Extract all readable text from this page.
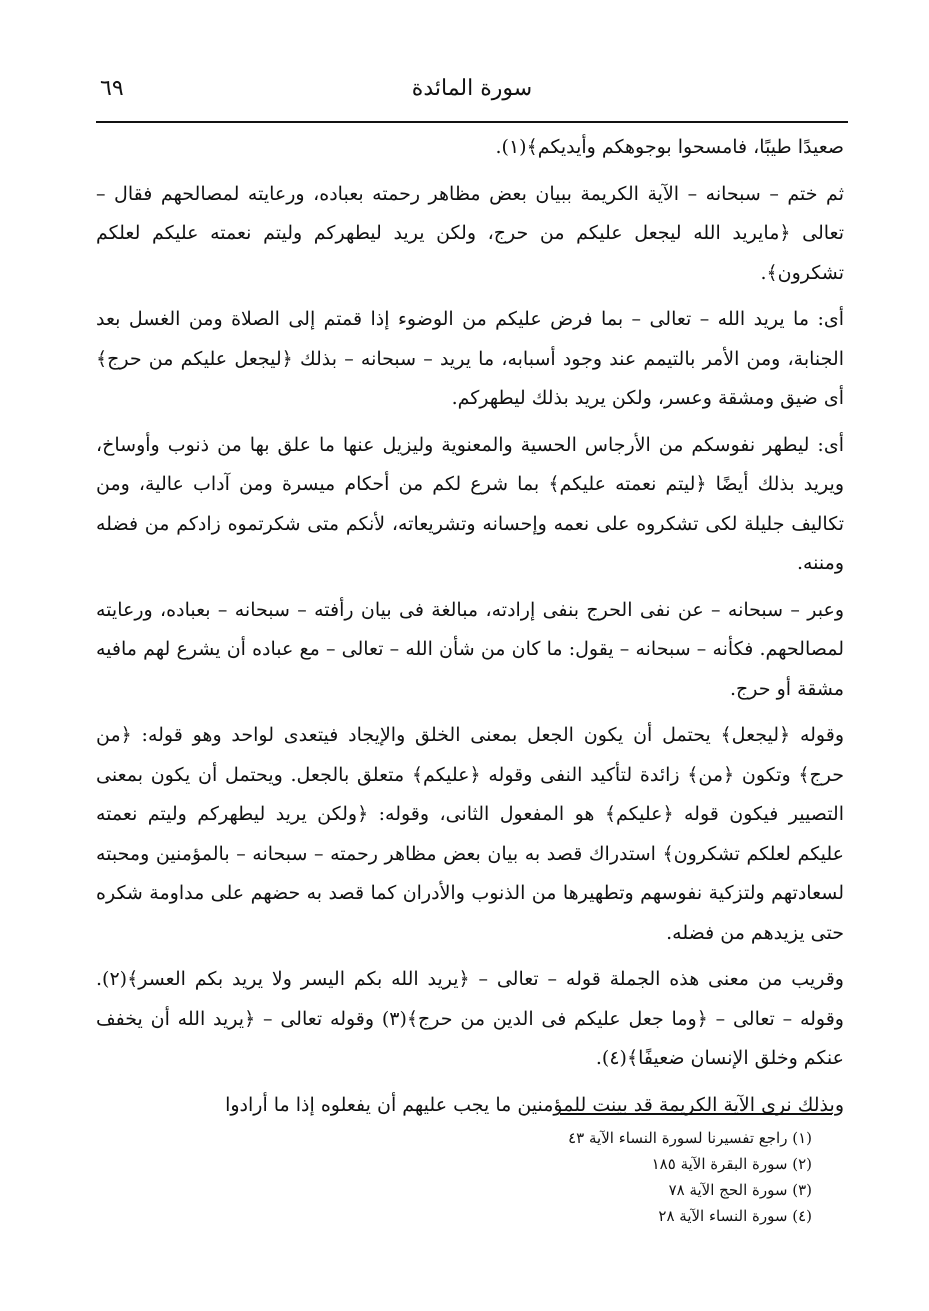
سورة المائدة
٦٩

صعيدًا طيبًا، فامسحوا بوجوهكم وأيديكم﴾(١).

ثم ختم – سبحانه – الآية الكريمة ببيان بعض مظاهر رحمته بعباده، ورعايته لمصالحهم فقال – تعالى ﴿مايريد الله ليجعل عليكم من حرج، ولكن يريد ليطهركم وليتم نعمته عليكم لعلكم تشكرون﴾.

أى: ما يريد الله – تعالى – بما فرض عليكم من الوضوء إذا قمتم إلى الصلاة ومن الغسل بعد الجنابة، ومن الأمر بالتيمم عند وجود أسبابه، ما يريد – سبحانه – بذلك ﴿ليجعل عليكم من حرج﴾ أى ضيق ومشقة وعسر، ولكن يريد بذلك ليطهركم.

أى: ليطهر نفوسكم من الأرجاس الحسية والمعنوية وليزيل عنها ما علق بها من ذنوب وأوساخ، ويريد بذلك أيضًا ﴿ليتم نعمته عليكم﴾ بما شرع لكم من أحكام ميسرة ومن آداب عالية، ومن تكاليف جليلة لكى تشكروه على نعمه وإحسانه وتشريعاته، لأنكم متى شكرتموه زادكم من فضله ومننه.

وعبر – سبحانه – عن نفى الحرج بنفى إرادته، مبالغة فى بيان رأفته – سبحانه – بعباده، ورعايته لمصالحهم. فكأنه – سبحانه – يقول: ما كان من شأن الله – تعالى – مع عباده أن يشرع لهم مافيه مشقة أو حرج.

وقوله ﴿ليجعل﴾ يحتمل أن يكون الجعل بمعنى الخلق والإيجاد فيتعدى لواحد وهو قوله: ﴿من حرج﴾ وتكون ﴿من﴾ زائدة لتأكيد النفى وقوله ﴿عليكم﴾ متعلق بالجعل. ويحتمل أن يكون بمعنى التصيير فيكون قوله ﴿عليكم﴾ هو المفعول الثانى، وقوله: ﴿ولكن يريد ليطهركم وليتم نعمته عليكم لعلكم تشكرون﴾ استدراك قصد به بيان بعض مظاهر رحمته – سبحانه – بالمؤمنين ومحبته لسعادتهم ولتزكية نفوسهم وتطهيرها من الذنوب والأدران كما قصد به حضهم على مداومة شكره حتى يزيدهم من فضله.

وقريب من معنى هذه الجملة قوله – تعالى – ﴿يريد الله بكم اليسر ولا يريد بكم العسر﴾(٢). وقوله – تعالى – ﴿وما جعل عليكم فى الدين من حرج﴾(٣) وقوله تعالى – ﴿يريد الله أن يخفف عنكم وخلق الإنسان ضعيفًا﴾(٤).

وبذلك نرى الآية الكريمة قد بينت للمؤمنين ما يجب عليهم أن يفعلوه إذا ما أرادوا

(١) راجع تفسيرنا لسورة النساء الآية ٤٣
(٢) سورة البقرة الآية ١٨٥
(٣) سورة الحج الآية ٧٨
(٤) سورة النساء الآية ٢٨
